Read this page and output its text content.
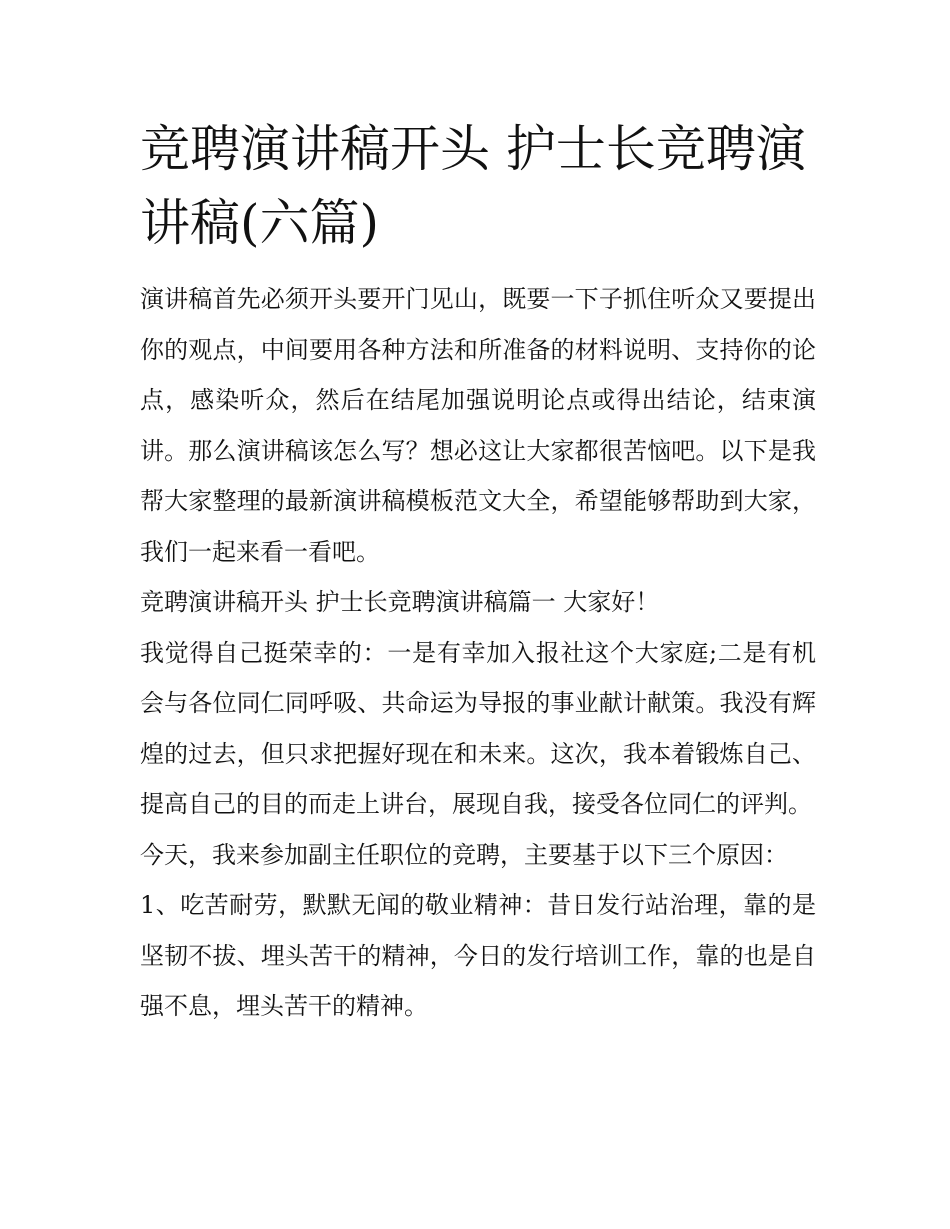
竞聘演讲稿开头 护士长竞聘演讲稿(六篇)

演讲稿首先必须开头要开门见山，既要一下子抓住听众又要提出你的观点，中间要用各种方法和所准备的材料说明、支持你的论点，感染听众，然后在结尾加强说明论点或得出结论，结束演讲。那么演讲稿该怎么写？想必这让大家都很苦恼吧。以下是我帮大家整理的最新演讲稿模板范文大全，希望能够帮助到大家，我们一起来看一看吧。

竞聘演讲稿开头 护士长竞聘演讲稿篇一 大家好！

我觉得自己挺荣幸的：一是有幸加入报社这个大家庭;二是有机会与各位同仁同呼吸、共命运为导报的事业献计献策。我没有辉煌的过去，但只求把握好现在和未来。这次，我本着锻炼自己、提高自己的目的而走上讲台，展现自我，接受各位同仁的评判。

今天，我来参加副主任职位的竞聘，主要基于以下三个原因：

1、吃苦耐劳，默默无闻的敬业精神：昔日发行站治理，靠的是坚韧不拔、埋头苦干的精神，今日的发行培训工作，靠的也是自强不息，埋头苦干的精神。
